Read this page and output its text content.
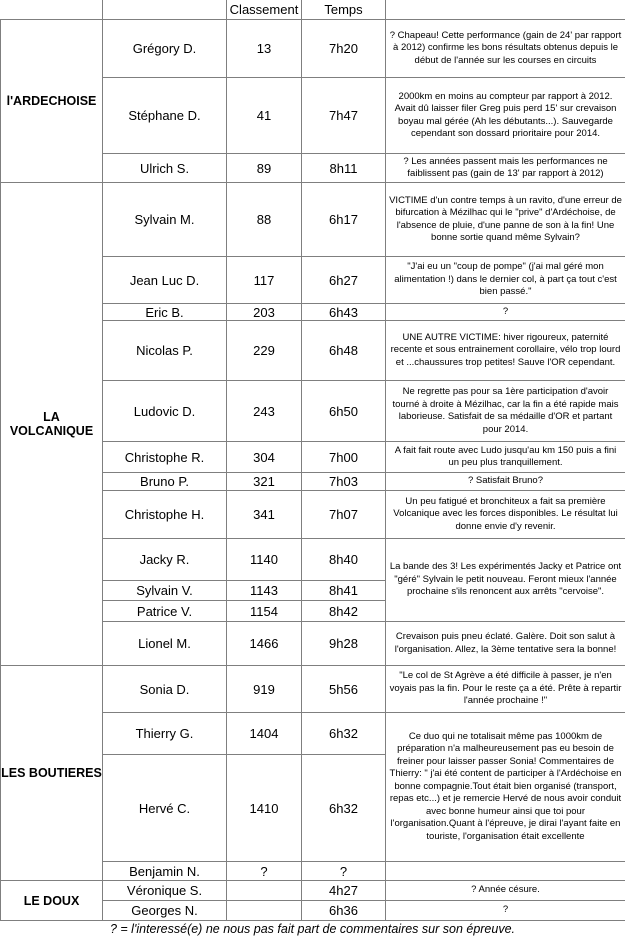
		Classement	Temps	
l'ARDECHOISE	Grégory D.	13	7h20	? Chapeau! Cette performance (gain de 24' par rapport à 2012) confirme les bons résultats obtenus depuis le début de l'année sur les courses en circuits
	Stéphane D.	41	7h47	2000km en moins au compteur par rapport à 2012. Avait dû laisser filer Greg puis perd 15' sur crevaison boyau mal gérée (Ah les débutants...). Sauvegarde cependant son dossard prioritaire pour 2014.
	Ulrich S.	89	8h11	? Les années passent mais les performances ne faiblissent pas (gain de 13' par rapport à 2012)
LA VOLCANIQUE	Sylvain M.	88	6h17	VICTIME d'un contre temps à un ravito, d'une erreur de bifurcation à Mézilhac qui le "prive" d'Ardéchoise, de l'absence de pluie, d'une panne de son à la fin! Une bonne sortie quand même Sylvain?
	Jean Luc D.	117	6h27	"J'ai eu un "coup de pompe" (j'ai mal géré mon alimentation !) dans le dernier col, à part ça tout c'est bien passé."
	Eric B.	203	6h43	?
	Nicolas P.	229	6h48	UNE AUTRE VICTIME: hiver rigoureux, paternité recente et sous entrainement corollaire, vélo trop lourd et ...chaussures trop petites! Sauve l'OR cependant.
	Ludovic D.	243	6h50	Ne regrette pas pour sa 1ère participation d'avoir tourné à droite à Mézilhac, car la fin a été rapide mais laborieuse. Satisfait de sa médaille d'OR et partant pour 2014.
	Christophe R.	304	7h00	A fait fait route avec Ludo jusqu'au km 150 puis a fini un peu plus tranquillement.
	Bruno P.	321	7h03	? Satisfait Bruno?
	Christophe H.	341	7h07	Un peu fatigué et bronchiteux a fait sa première Volcanique avec les forces disponibles. Le résultat lui donne envie d'y revenir.
	Jacky R.	1140	8h40	La bande des 3! Les expérimentés Jacky et Patrice ont "géré" Sylvain le petit nouveau. Feront mieux l'année prochaine s'ils renoncent aux arrêts "cervoise".
	Sylvain V.	1143	8h41	
	Patrice V.	1154	8h42	
	Lionel M.	1466	9h28	Crevaison puis pneu éclaté. Galère. Doit son salut à l'organisation. Allez, la 3ème tentative sera la bonne!
LES BOUTIERES	Sonia D.	919	5h56	"Le col de St Agrève a été difficile à passer, je n'en voyais pas la fin. Pour le reste ça a été. Prête à repartir l'année prochaine !"
	Thierry G.	1404	6h32	Ce duo qui ne totalisait même pas 1000km de préparation n'a malheureusement pas eu besoin de freiner pour laisser passer Sonia! Commentaires de Thierry: " j'ai été content de participer à l'Ardéchoise en bonne compagnie.Tout était bien organisé (transport, repas etc...) et je remercie Hervé de nous avoir conduit avec bonne humeur ainsi que toi pour l'organisation.Quant à l'épreuve, je dirai l'ayant faite en touriste, l'organisation était excellente
	Hervé C.	1410	6h32	
	Benjamin N.	?	?	
LE DOUX	Véronique S.		4h27	? Année césure.
	Georges N.		6h36	?
? = l'interessé(e) ne nous pas fait part de commentaires sur son épreuve.
